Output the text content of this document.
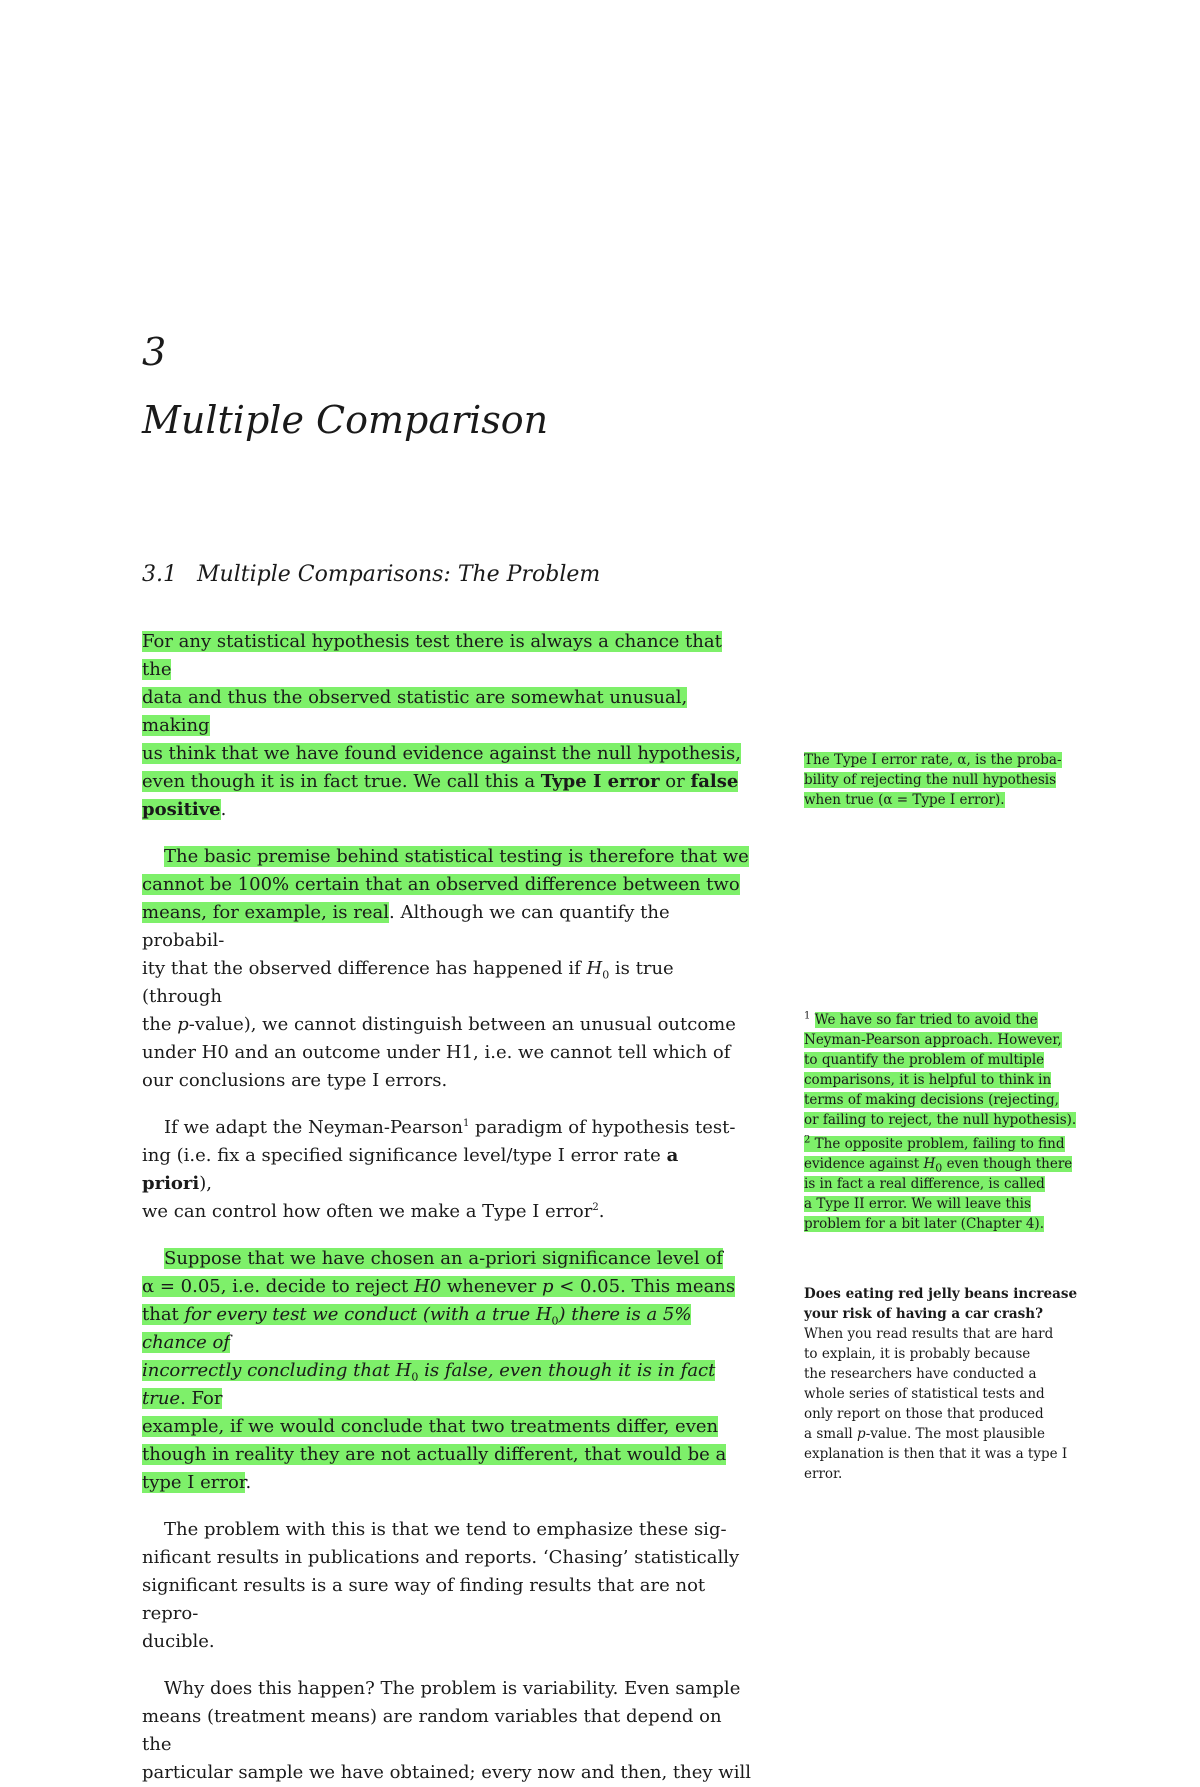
3
Multiple Comparison
3.1 Multiple Comparisons: The Problem

For any statistical hypothesis test there is always a chance that the
data and thus the observed statistic are somewhat unusual, making
us think that we have found evidence against the null hypothesis,
even though it is in fact true. We call this a Type I error or false
positive.

The basic premise behind statistical testing is therefore that we
cannot be 100% certain that an observed difference between two
means, for example, is real. Although we can quantify the probabil-
ity that the observed difference has happened if $H_0$ is true (through
the p-value), we cannot distinguish between an unusual outcome
under H0 and an outcome under H1, i.e. we cannot tell which of
our conclusions are type I errors.

If we adapt the Neyman-Pearson$^1$ paradigm of hypothesis test-
ing (i.e. fix a specified significance level/type I error rate a priori),
we can control how often we make a Type I error$^2$.

Suppose that we have chosen an a-priori significance level of
α = 0.05, i.e. decide to reject H0 whenever p < 0.05. This means
that for every test we conduct (with a true $H_0$) there is a 5% chance of
incorrectly concluding that $H_0$ is false, even though it is in fact true. For
example, if we would conclude that two treatments differ, even
though in reality they are not actually different, that would be a
type I error.

The problem with this is that we tend to emphasize these sig-
nificant results in publications and reports. ‘Chasing’ statistically
significant results is a sure way of finding results that are not repro-
ducible.

Why does this happen? The problem is variability. Even sample
means (treatment means) are random variables that depend on the
particular sample we have obtained; every now and then, they will

The Type I error rate, α, is the proba-
bility of rejecting the null hypothesis
when true (α = Type I error).

$^1$ We have so far tried to avoid the
Neyman-Pearson approach. However,
to quantify the problem of multiple
comparisons, it is helpful to think in
terms of making decisions (rejecting,
or failing to reject, the null hypothesis).

$^2$ The opposite problem, failing to find
evidence against $H_0$ even though there
is in fact a real difference, is called
a Type II error. We will leave this
problem for a bit later (Chapter 4).

Does eating red jelly beans increase
your risk of having a car crash?
When you read results that are hard
to explain, it is probably because
the researchers have conducted a
whole series of statistical tests and
only report on those that produced
a small p-value. The most plausible
explanation is then that it was a type I
error.
